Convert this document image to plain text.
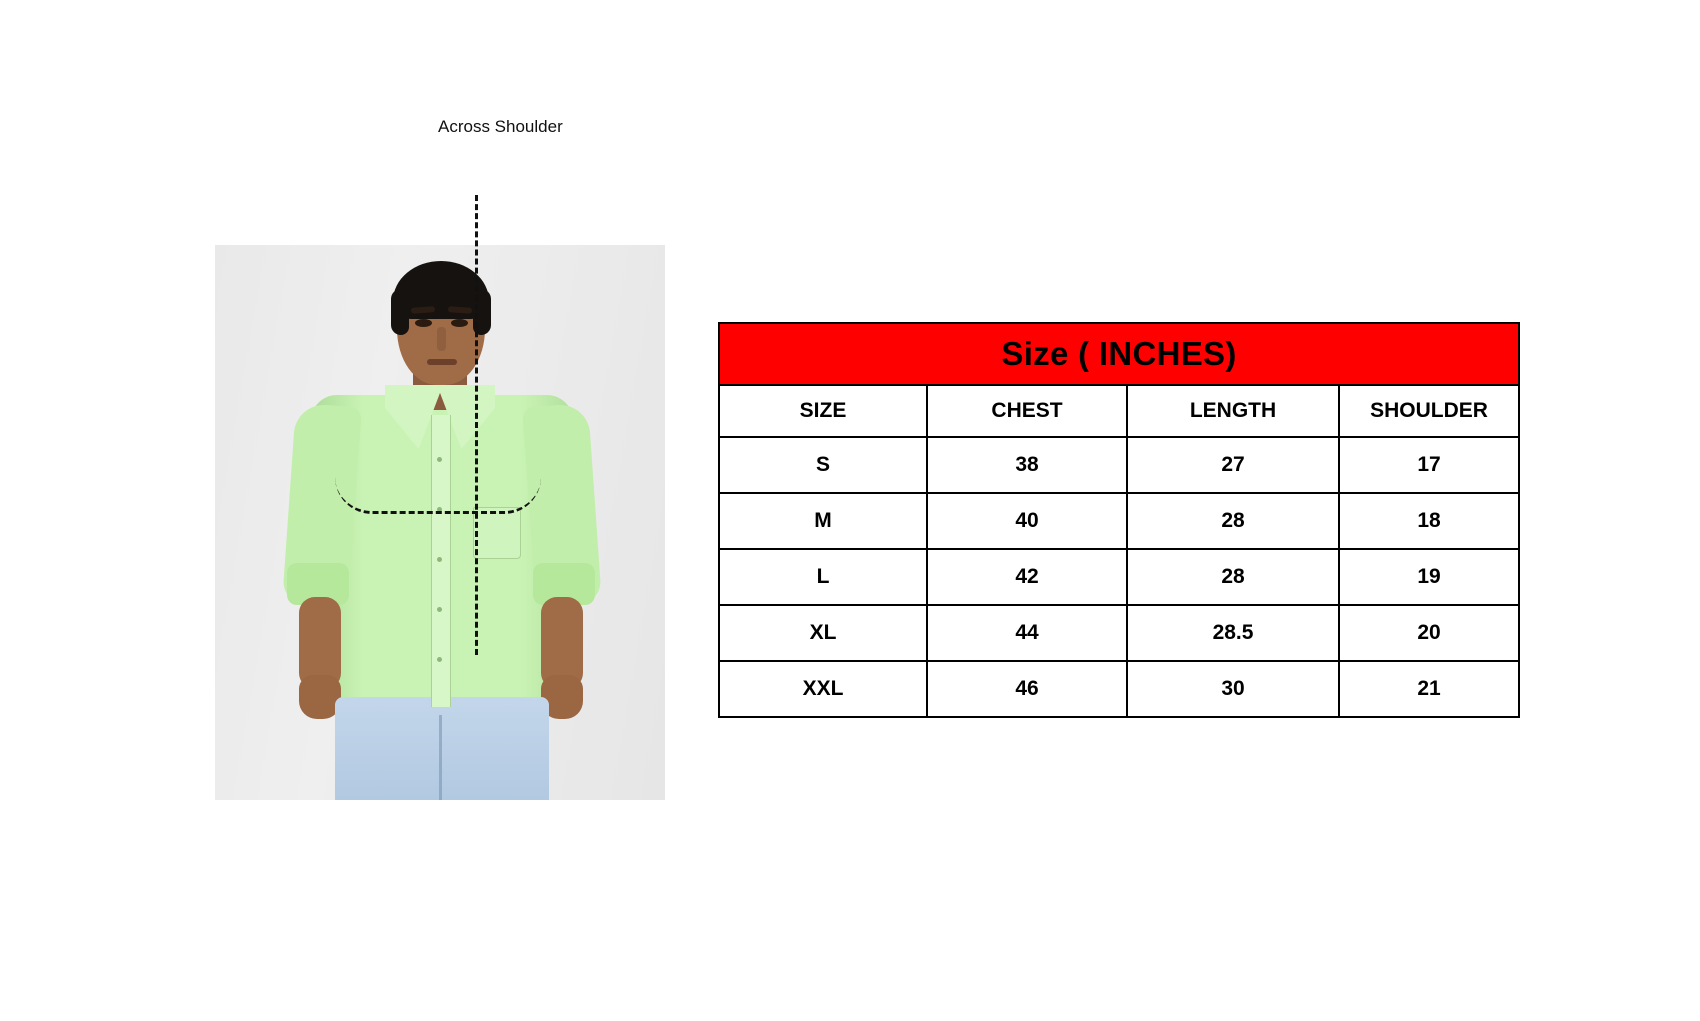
Across Shoulder
Size ( INCHES)			
SIZE	CHEST	LENGTH	SHOULDER
S	38	27	17
M	40	28	18
L	42	28	19
XL	44	28.5	20
XXL	46	30	21
